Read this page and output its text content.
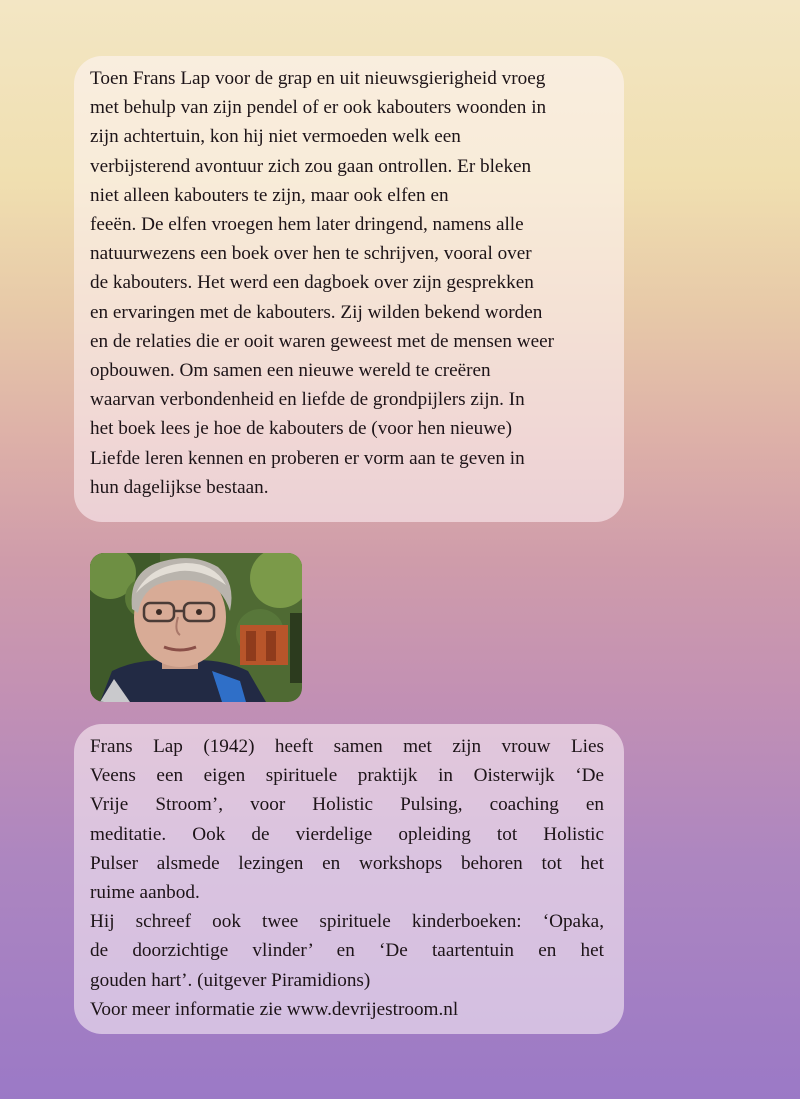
Toen Frans Lap voor de grap en uit nieuwsgierigheid vroeg
met behulp van zijn pendel of er ook kabouters woonden in
zijn achtertuin, kon hij niet vermoeden welk een
verbijsterend avontuur zich zou gaan ontrollen. Er bleken
niet alleen kabouters te zijn, maar ook elfen en
feeën. De elfen vroegen hem later dringend, namens alle
natuurwezens een boek over hen te schrijven, vooral over
de kabouters. Het werd een dagboek over zijn gesprekken
en ervaringen met de kabouters. Zij wilden bekend worden
en de relaties die er ooit waren geweest met de mensen weer
opbouwen. Om samen een nieuwe wereld te creëren
waarvan verbondenheid en liefde de grondpijlers zijn. In
het boek lees je hoe de kabouters de (voor hen nieuwe)
Liefde leren kennen en proberen er vorm aan te geven in
hun dagelijkse bestaan.

Frans Lap (1942) heeft samen met zijn vrouw Lies
Veens een eigen spirituele praktijk in Oisterwijk ‘De
Vrije Stroom’, voor Holistic Pulsing, coaching en
meditatie. Ook de vierdelige opleiding tot Holistic
Pulser alsmede lezingen en workshops behoren tot het
ruime aanbod.
Hij schreef ook twee spirituele kinderboeken: ‘Opaka,
de doorzichtige vlinder’ en ‘De taartentuin en het
gouden hart’. (uitgever Piramidions)
Voor meer informatie zie www.devrijestroom.nl
